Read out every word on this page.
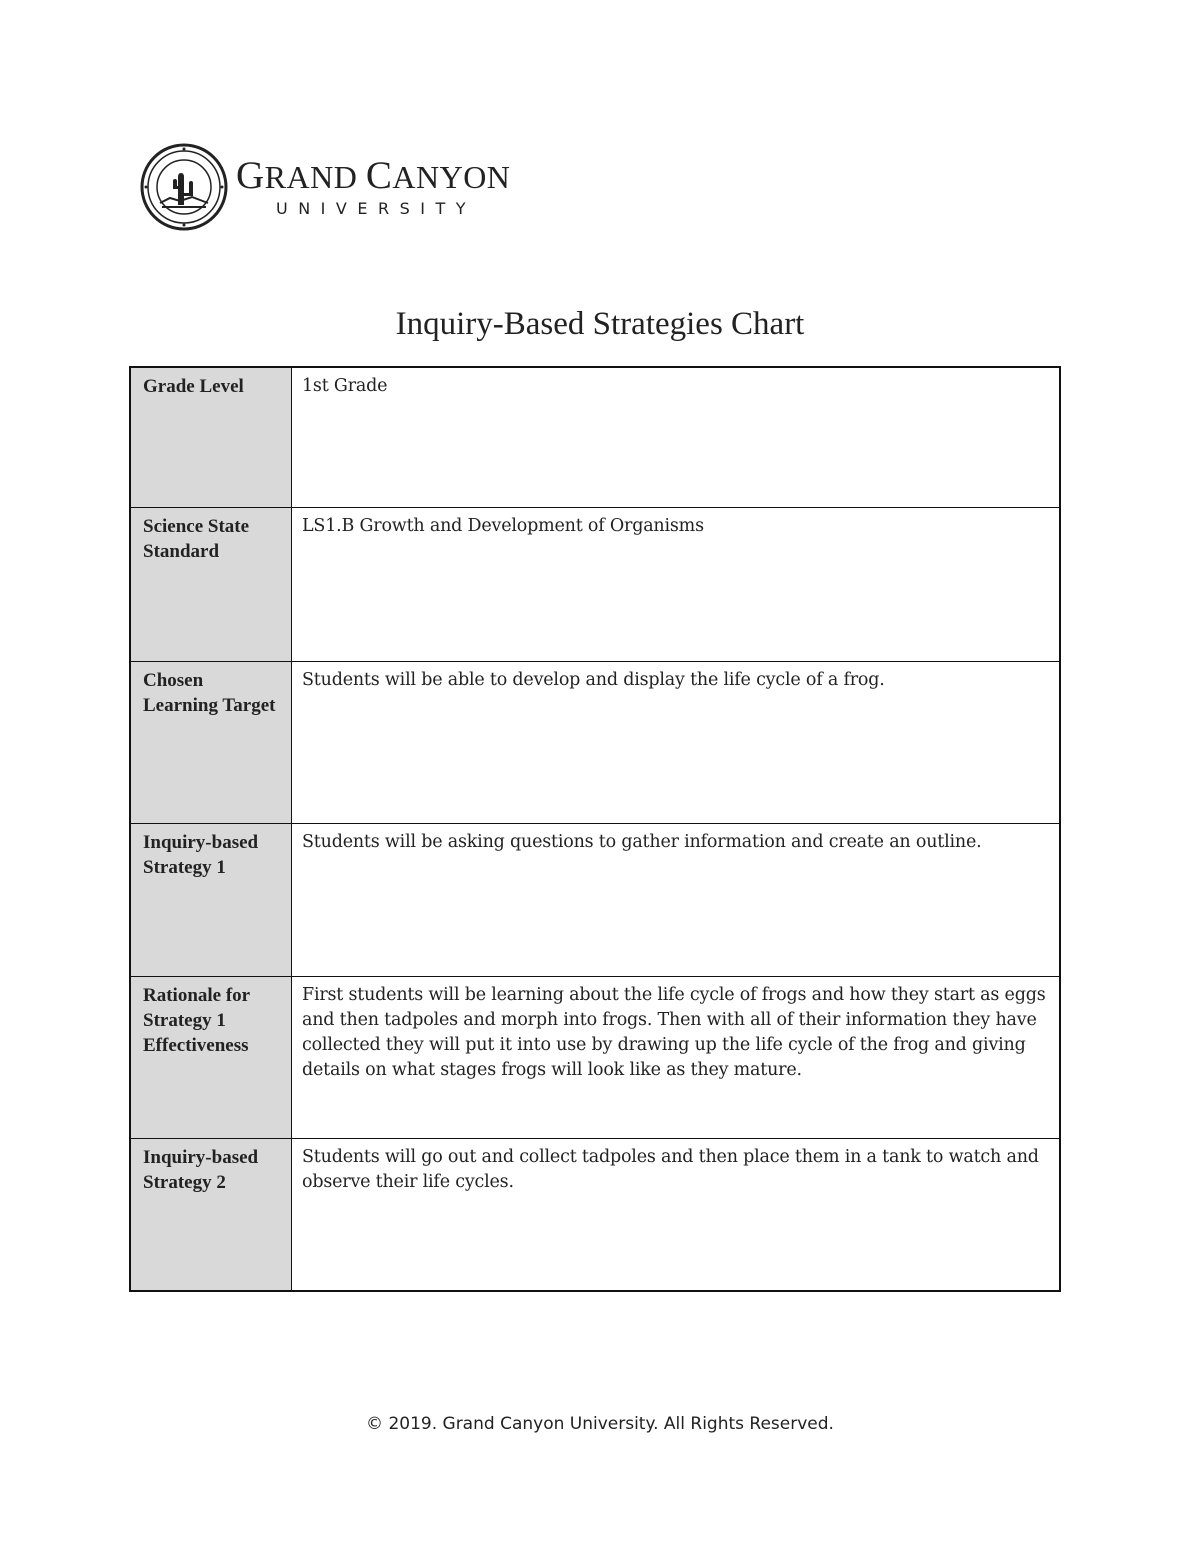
GRAND CANYON
UNIVERSITY
Inquiry-Based Strategies Chart
Grade Level	1st Grade
Science State Standard	LS1.B Growth and Development of Organisms
Chosen Learning Target	Students will be able to develop and display the life cycle of a frog.
Inquiry-based Strategy 1	Students will be asking questions to gather information and create an outline.
Rationale for Strategy 1 Effectiveness	First students will be learning about the life cycle of frogs and how they start as eggs and then tadpoles and morph into frogs. Then with all of their information they have collected they will put it into use by drawing up the life cycle of the frog and giving details on what stages frogs will look like as they mature.
Inquiry-based Strategy 2	Students will go out and collect tadpoles and then place them in a tank to watch and observe their life cycles.
© 2019. Grand Canyon University. All Rights Reserved.
